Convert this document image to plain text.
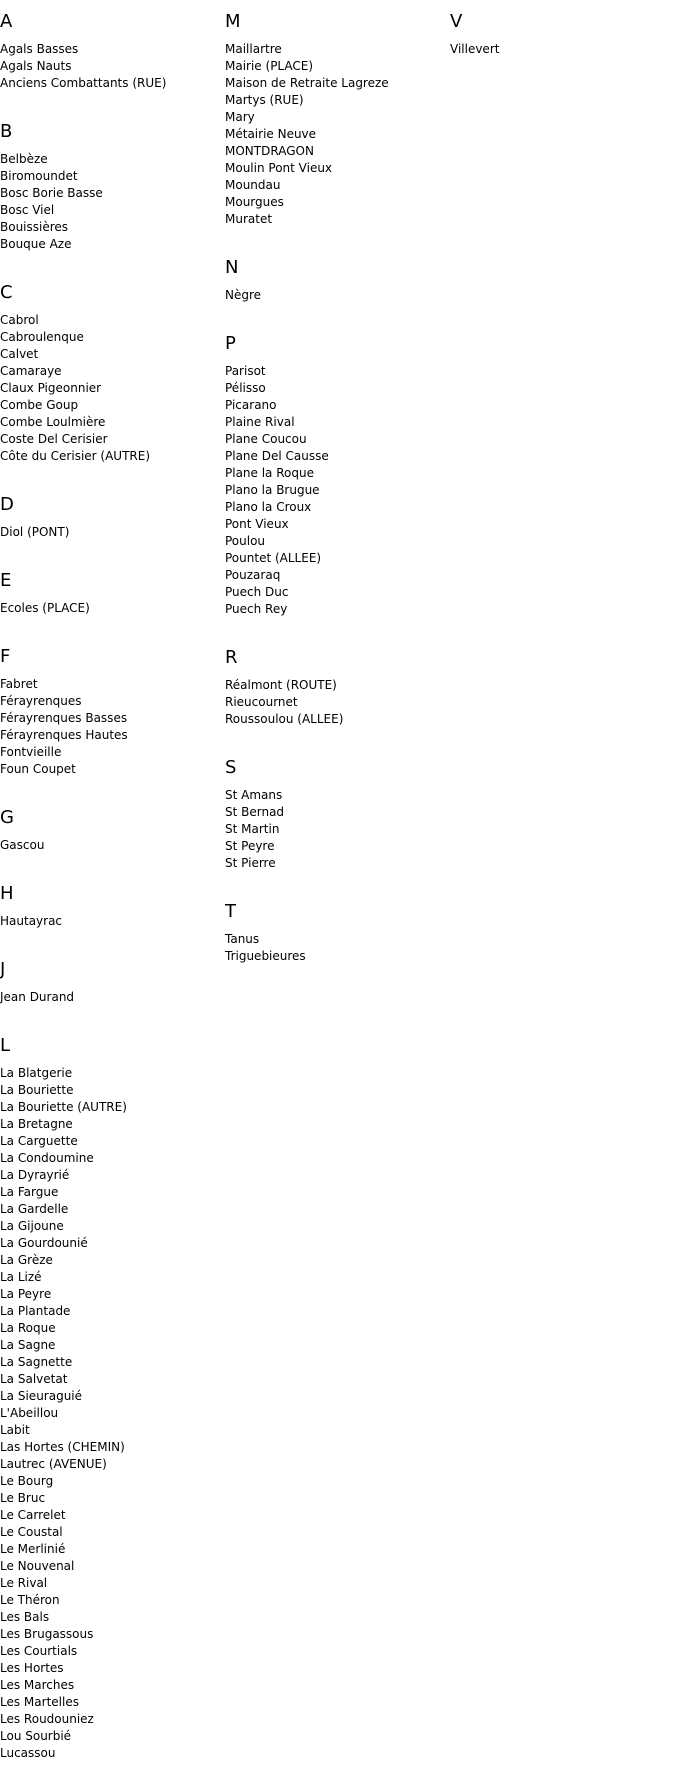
A
Agals Basses
Agals Nauts
Anciens Combattants (RUE)
B
Belbèze
Biromoundet
Bosc Borie Basse
Bosc Viel
Bouissières
Bouque Aze
C
Cabrol
Cabroulenque
Calvet
Camaraye
Claux Pigeonnier
Combe Goup
Combe Loulmière
Coste Del Cerisier
Côte du Cerisier (AUTRE)
D
Diol (PONT)
E
Ecoles (PLACE)
F
Fabret
Férayrenques
Férayrenques Basses
Férayrenques Hautes
Fontvieille
Foun Coupet
G
Gascou
H
Hautayrac
J
Jean Durand
L
La Blatgerie
La Bouriette
La Bouriette (AUTRE)
La Bretagne
La Carguette
La Condoumine
La Dyrayrié
La Fargue
La Gardelle
La Gijoune
La Gourdounié
La Grèze
La Lizé
La Peyre
La Plantade
La Roque
La Sagne
La Sagnette
La Salvetat
La Sieuraguié
L'Abeillou
Labit
Las Hortes (CHEMIN)
Lautrec (AVENUE)
Le Bourg
Le Bruc
Le Carrelet
Le Coustal
Le Merlinié
Le Nouvenal
Le Rival
Le Théron
Les Bals
Les Brugassous
Les Courtials
Les Hortes
Les Marches
Les Martelles
Les Roudouniez
Lou Sourbié
Lucassou
M
Maillartre
Mairie (PLACE)
Maison de Retraite Lagreze
Martys (RUE)
Mary
Métairie Neuve
MONTDRAGON
Moulin Pont Vieux
Moundau
Mourgues
Muratet
N
Nègre
P
Parisot
Pélisso
Picarano
Plaine Rival
Plane Coucou
Plane Del Causse
Plane la Roque
Plano la Brugue
Plano la Croux
Pont Vieux
Poulou
Pountet (ALLEE)
Pouzaraq
Puech Duc
Puech Rey
R
Réalmont (ROUTE)
Rieucournet
Roussoulou (ALLEE)
S
St Amans
St Bernad
St Martin
St Peyre
St Pierre
T
Tanus
Triguebieures
V
Villevert
